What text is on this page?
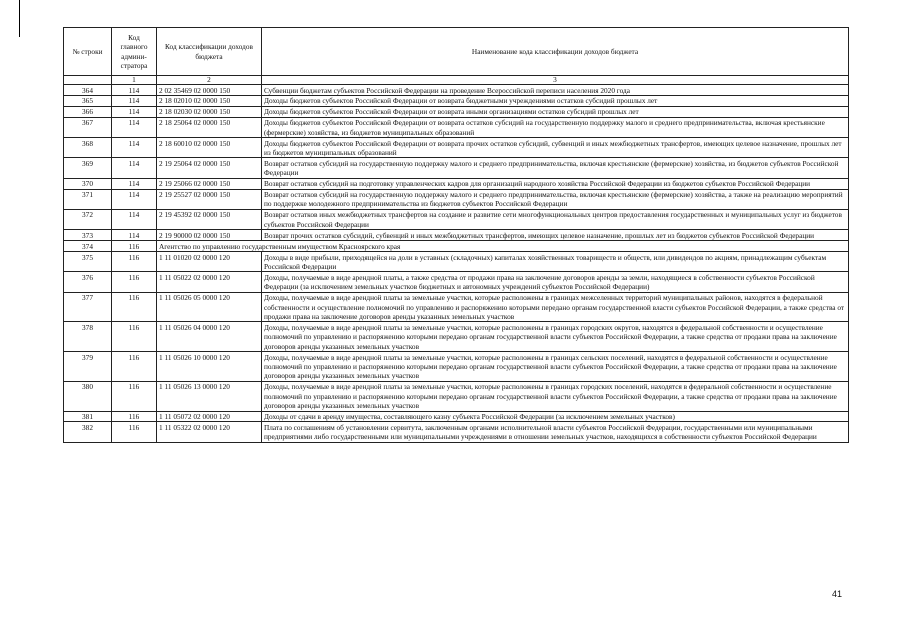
№ строки	Код главного админи-стратора	Код классификации доходов бюджета	Наименование кода классификации доходов бюджета
	1	2	3
364	114	2 02 35469 02 0000 150	Субвенции бюджетам субъектов Российской Федерации на проведение Всероссийской переписи населения 2020 года
365	114	2 18 02010 02 0000 150	Доходы бюджетов субъектов Российской Федерации от возврата бюджетными учреждениями остатков субсидий прошлых лет
366	114	2 18 02030 02 0000 150	Доходы бюджетов субъектов Российской Федерации от возврата иными организациями остатков субсидий прошлых лет
367	114	2 18 25064 02 0000 150	Доходы бюджетов субъектов Российской Федерации от возврата остатков субсидий на государственную поддержку малого и среднего предпринимательства, включая крестьянские (фермерские) хозяйства, из бюджетов муниципальных образований
368	114	2 18 60010 02 0000 150	Доходы бюджетов субъектов Российской Федерации от возврата прочих остатков субсидий, субвенций и иных межбюджетных трансфертов, имеющих целевое назначение, прошлых лет из бюджетов муниципальных образований
369	114	2 19 25064 02 0000 150	Возврат остатков субсидий на государственную поддержку малого и среднего предпринимательства, включая крестьянские (фермерские) хозяйства, из бюджетов субъектов Российской Федерации
370	114	2 19 25066 02 0000 150	Возврат остатков субсидий на подготовку управленческих кадров для организаций народного хозяйства Российской Федерации из бюджетов субъектов Российской Федерации
371	114	2 19 25527 02 0000 150	Возврат остатков субсидий на государственную поддержку малого и среднего предпринимательства, включая крестьянские (фермерские) хозяйства, а также на реализацию мероприятий по поддержке молодежного предпринимательства из бюджетов субъектов Российской Федерации
372	114	2 19 45392 02 0000 150	Возврат остатков иных межбюджетных трансфертов на создание и развитие сети многофункциональных центров предоставления государственных и муниципальных услуг из бюджетов субъектов Российской Федерации
373	114	2 19 90000 02 0000 150	Возврат прочих остатков субсидий, субвенций и иных межбюджетных трансфертов, имеющих целевое назначение, прошлых лет из бюджетов субъектов Российской Федерации
374	116	Агентство по управлению государственным имуществом Красноярского края	
375	116	1 11 01020 02 0000 120	Доходы в виде прибыли, приходящейся на доли в уставных (складочных) капиталах хозяйственных товариществ и обществ, или дивидендов по акциям, принадлежащим субъектам Российской Федерации
376	116	1 11 05022 02 0000 120	Доходы, получаемые в виде арендной платы, а также средства от продажи права на заключение договоров аренды за земли, находящиеся в собственности субъектов Российской Федерации (за исключением земельных участков бюджетных и автономных учреждений субъектов Российской Федерации)
377	116	1 11 05026 05 0000 120	Доходы, получаемые в виде арендной платы за земельные участки, которые расположены в границах межселенных территорий муниципальных районов, находятся в федеральной собственности и осуществление полномочий по управлению и распоряжению которыми передано органам государственной власти субъектов Российской Федерации, а также средства от продажи права на заключение договоров аренды указанных земельных участков
378	116	1 11 05026 04 0000 120	Доходы, получаемые в виде арендной платы за земельные участки, которые расположены в границах городских округов, находятся в федеральной собственности и осуществление полномочий по управлению и распоряжению которыми передано органам государственной власти субъектов Российской Федерации, а также средства от продажи права на заключение договоров аренды указанных земельных участков
379	116	1 11 05026 10 0000 120	Доходы, получаемые в виде арендной платы за земельные участки, которые расположены в границах сельских поселений, находятся в федеральной собственности и осуществление полномочий по управлению и распоряжению которыми передано органам государственной власти субъектов Российской Федерации, а также средства от продажи права на заключение договоров аренды указанных земельных участков
380	116	1 11 05026 13 0000 120	Доходы, получаемые в виде арендной платы за земельные участки, которые расположены в границах городских поселений, находятся в федеральной собственности и осуществление полномочий по управлению и распоряжению которыми передано органам государственной власти субъектов Российской Федерации, а также средства от продажи права на заключение договоров аренды указанных земельных участков
381	116	1 11 05072 02 0000 120	Доходы от сдачи в аренду имущества, составляющего казну субъекта Российской Федерации (за исключением земельных участков)
382	116	1 11 05322 02 0000 120	Плата по соглашениям об установлении сервитута, заключенным органами исполнительной власти субъектов Российской Федерации, государственными или муниципальными предприятиями либо государственными или муниципальными учреждениями в отношении земельных участков, находящихся в собственности субъектов Российской Федерации
41
